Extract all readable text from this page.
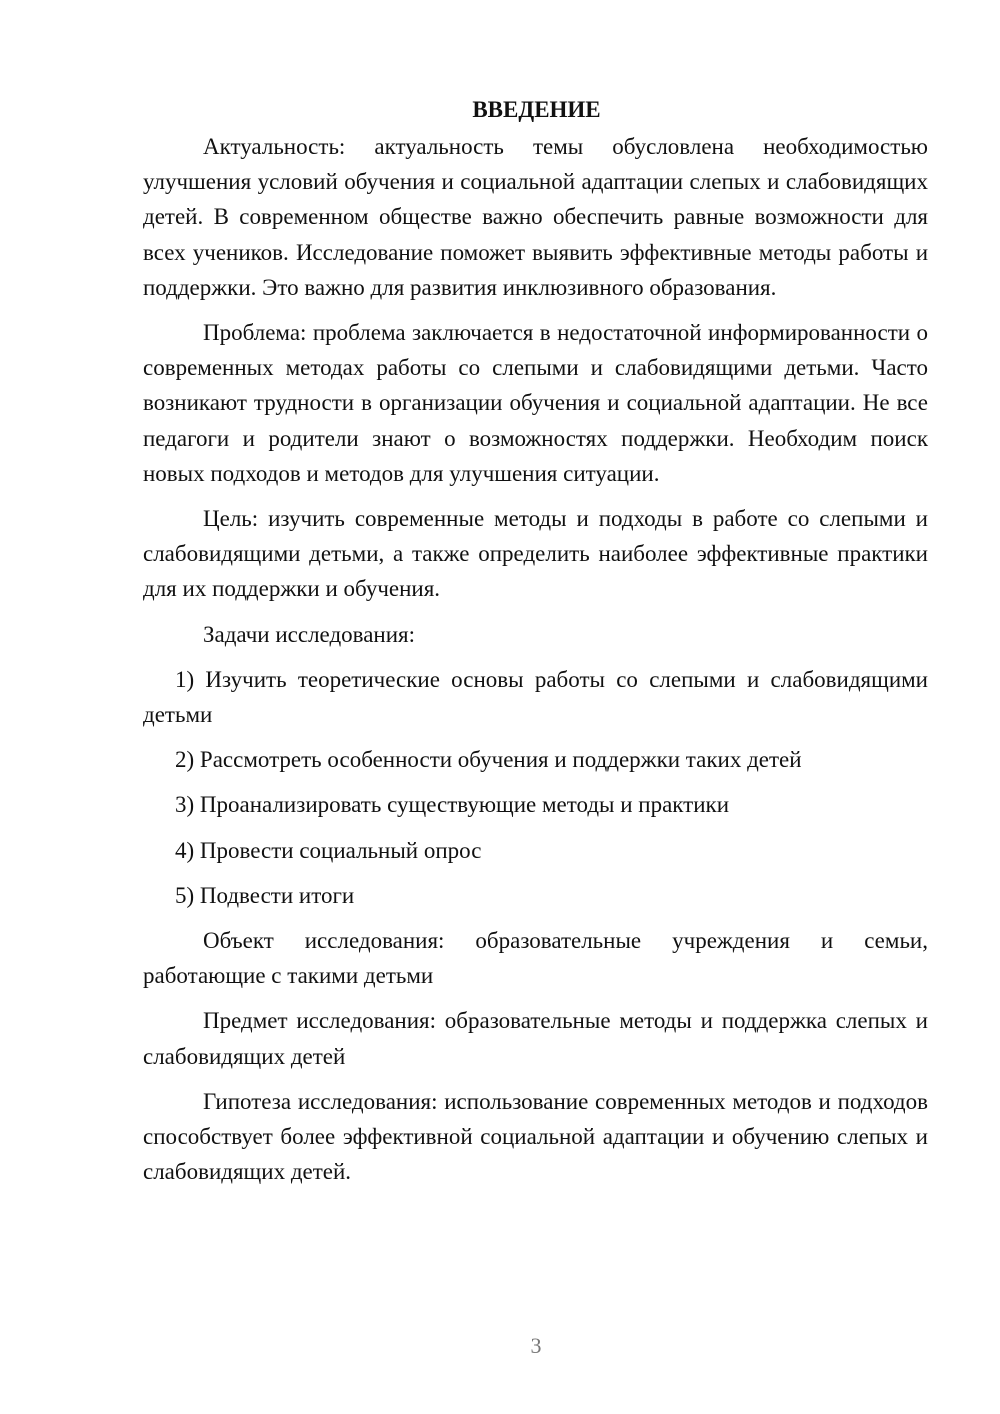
ВВЕДЕНИЕ

Актуальность: актуальность темы обусловлена необходимостью улучшения условий обучения и социальной адаптации слепых и слабовидящих детей. В современном обществе важно обеспечить равные возможности для всех учеников. Исследование поможет выявить эффективные методы работы и поддержки. Это важно для развития инклюзивного образования.

Проблема: проблема заключается в недостаточной информированности о современных методах работы со слепыми и слабовидящими детьми. Часто возникают трудности в организации обучения и социальной адаптации. Не все педагоги и родители знают о возможностях поддержки. Необходим поиск новых подходов и методов для улучшения ситуации.

Цель: изучить современные методы и подходы в работе со слепыми и слабовидящими детьми, а также определить наиболее эффективные практики для их поддержки и обучения.

Задачи исследования:

1) Изучить теоретические основы работы со слепыми и слабовидящими детьми

2) Рассмотреть особенности обучения и поддержки таких детей

3) Проанализировать существующие методы и практики

4) Провести социальный опрос

5) Подвести итоги

Объект исследования: образовательные учреждения и семьи, работающие с такими детьми

Предмет исследования: образовательные методы и поддержка слепых и слабовидящих детей

Гипотеза исследования: использование современных методов и подходов способствует более эффективной социальной адаптации и обучению слепых и слабовидящих детей.

3
